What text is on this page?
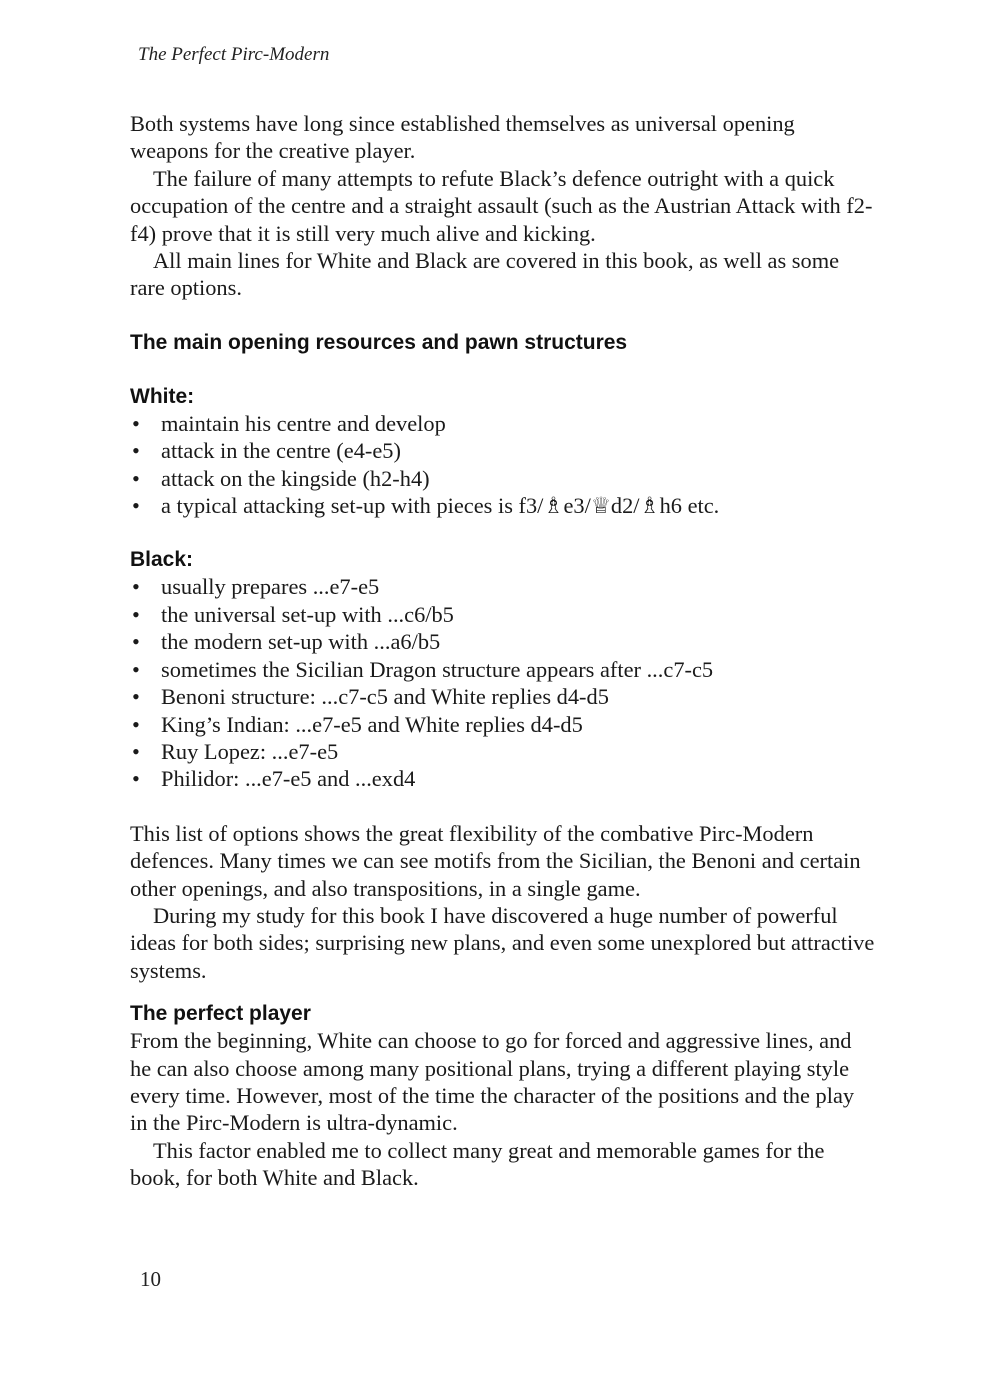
The Perfect Pirc-Modern

Both systems have long since established themselves as universal opening weapons for the creative player.

The failure of many attempts to refute Black’s defence outright with a quick occupation of the centre and a straight assault (such as the Austrian Attack with f2-f4) prove that it is still very much alive and kicking.

All main lines for White and Black are covered in this book, as well as some rare options.

The main opening resources and pawn structures
White:
• maintain his centre and develop
• attack in the centre (e4-e5)
• attack on the kingside (h2-h4)
• a typical attacking set-up with pieces is f3/♗e3/♕d2/♗h6 etc.
Black:
• usually prepares ...e7-e5
• the universal set-up with ...c6/b5
• the modern set-up with ...a6/b5
• sometimes the Sicilian Dragon structure appears after ...c7-c5
• Benoni structure: ...c7-c5 and White replies d4-d5
• King’s Indian: ...e7-e5 and White replies d4-d5
• Ruy Lopez: ...e7-e5
• Philidor: ...e7-e5 and ...exd4

This list of options shows the great flexibility of the combative Pirc-Modern defences. Many times we can see motifs from the Sicilian, the Benoni and certain other openings, and also transpositions, in a single game.

During my study for this book I have discovered a huge number of powerful ideas for both sides; surprising new plans, and even some unexplored but attractive systems.

The perfect player

From the beginning, White can choose to go for forced and aggressive lines, and he can also choose among many positional plans, trying a different playing style every time. However, most of the time the character of the positions and the play in the Pirc-Modern is ultra-dynamic.

This factor enabled me to collect many great and memorable games for the book, for both White and Black.

10
